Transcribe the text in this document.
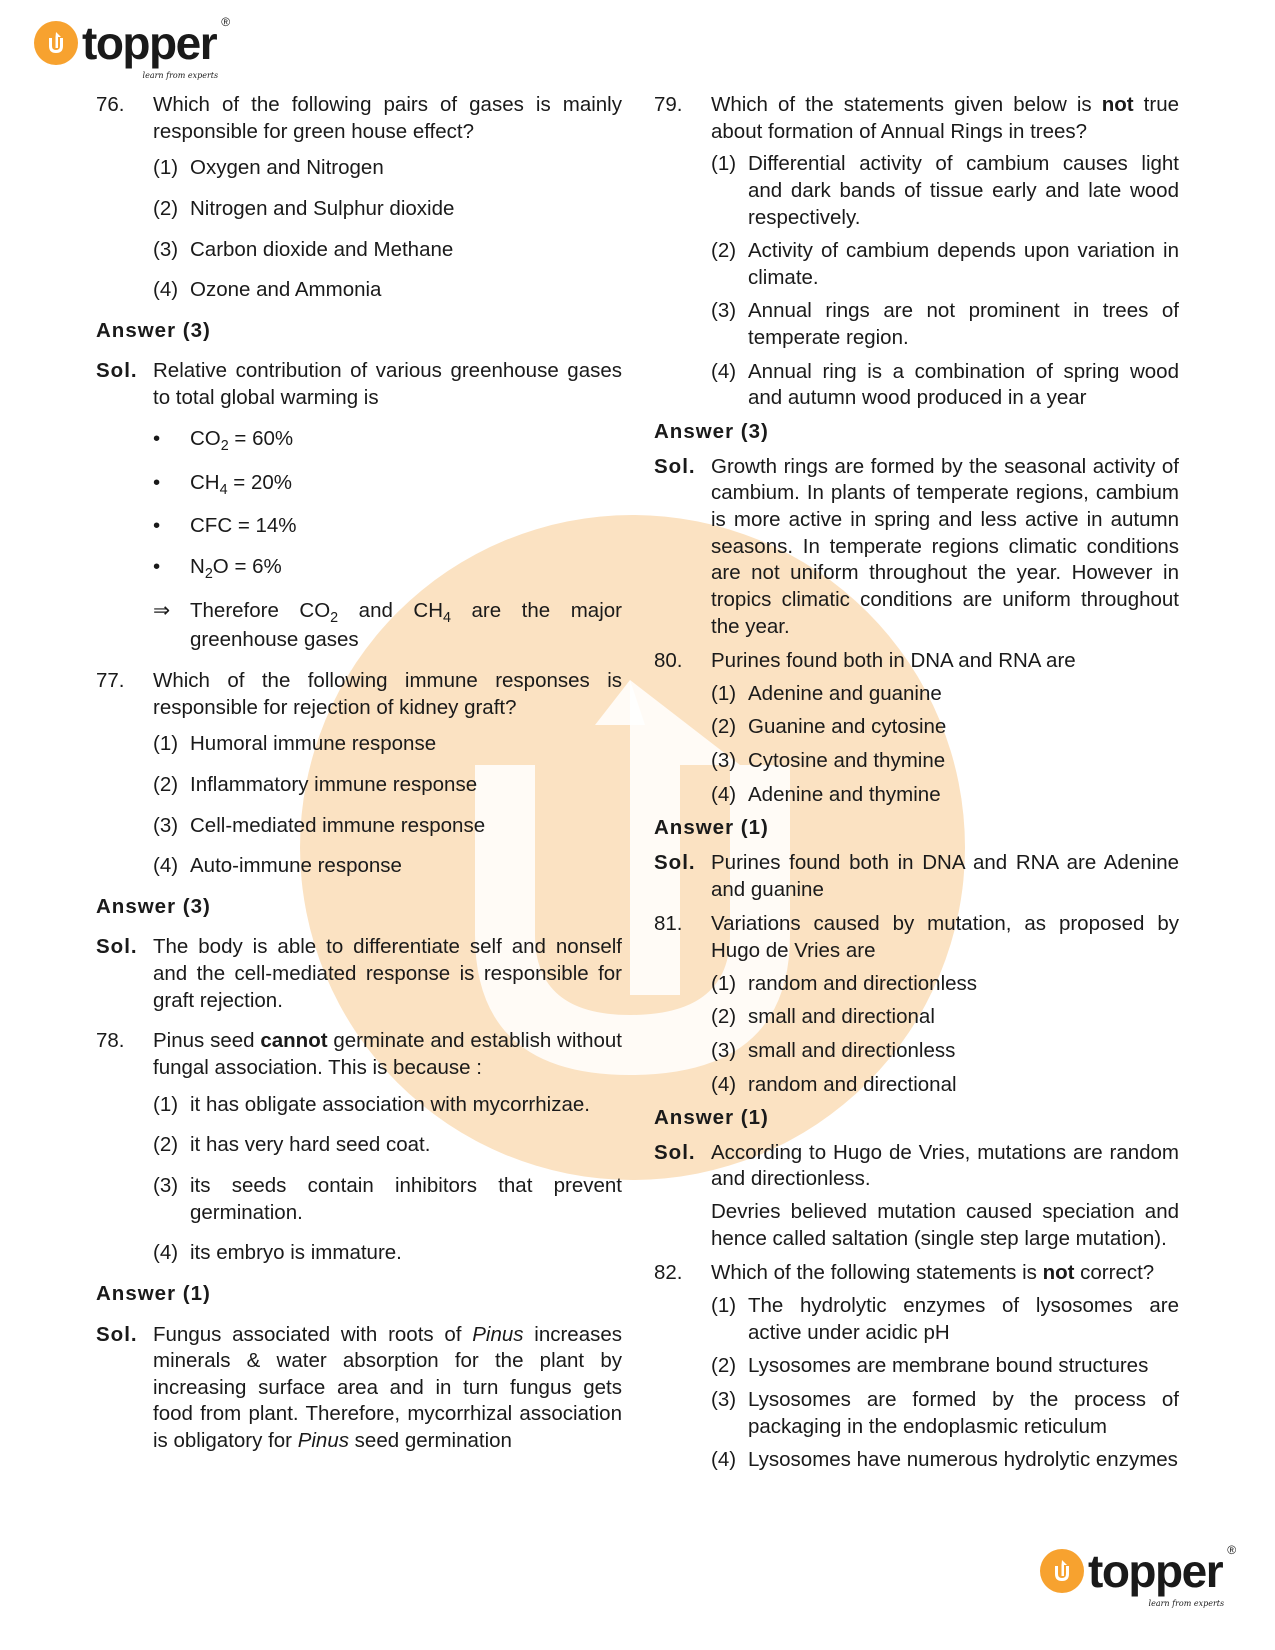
topper ®
learn from experts
76.	Which of the following pairs of gases is mainly responsible for green house effect?
(1) Oxygen and Nitrogen
(2) Nitrogen and Sulphur dioxide
(3) Carbon dioxide and Methane
(4) Ozone and Ammonia
Answer (3)
Sol. Relative contribution of various greenhouse gases to total global warming is
•	$CO_2 = 60\%$
•	$CH_4 = 20\%$
•	CFC = 14%
•	$N_2O = 6\%$
⇒ Therefore $CO_2$ and $CH_4$ are the major greenhouse gases
77.	Which of the following immune responses is responsible for rejection of kidney graft?
(1) Humoral immune response
(2) Inflammatory immune response
(3) Cell-mediated immune response
(4) Auto-immune response
Answer (3)
Sol. The body is able to differentiate self and nonself and the cell-mediated response is responsible for graft rejection.
78.	Pinus seed cannot germinate and establish without fungal association. This is because :
(1) it has obligate association with mycorrhizae.
(2) it has very hard seed coat.
(3) its seeds contain inhibitors that prevent germination.
(4) its embryo is immature.
Answer (1)
Sol. Fungus associated with roots of Pinus increases minerals & water absorption for the plant by increasing surface area and in turn fungus gets food from plant. Therefore, mycorrhizal association is obligatory for Pinus seed germination
79.	Which of the statements given below is not true about formation of Annual Rings in trees?
(1) Differential activity of cambium causes light and dark bands of tissue early and late wood respectively.
(2) Activity of cambium depends upon variation in climate.
(3) Annual rings are not prominent in trees of temperate region.
(4) Annual ring is a combination of spring wood and autumn wood produced in a year
Answer (3)
Sol. Growth rings are formed by the seasonal activity of cambium. In plants of temperate regions, cambium is more active in spring and less active in autumn seasons. In temperate regions climatic conditions are not uniform throughout the year. However in tropics climatic conditions are uniform throughout the year.
80.	Purines found both in DNA and RNA are
(1) Adenine and guanine
(2) Guanine and cytosine
(3) Cytosine and thymine
(4) Adenine and thymine
Answer (1)
Sol. Purines found both in DNA and RNA are Adenine and guanine
81.	Variations caused by mutation, as proposed by Hugo de Vries are
(1) random and directionless
(2) small and directional
(3) small and directionless
(4) random and directional
Answer (1)
Sol. According to Hugo de Vries, mutations are random and directionless.
Devries believed mutation caused speciation and hence called saltation (single step large mutation).
82.	Which of the following statements is not correct?
(1) The hydrolytic enzymes of lysosomes are active under acidic pH
(2) Lysosomes are membrane bound structures
(3) Lysosomes are formed by the process of packaging in the endoplasmic reticulum
(4) Lysosomes have numerous hydrolytic enzymes
topper ®
learn from experts
